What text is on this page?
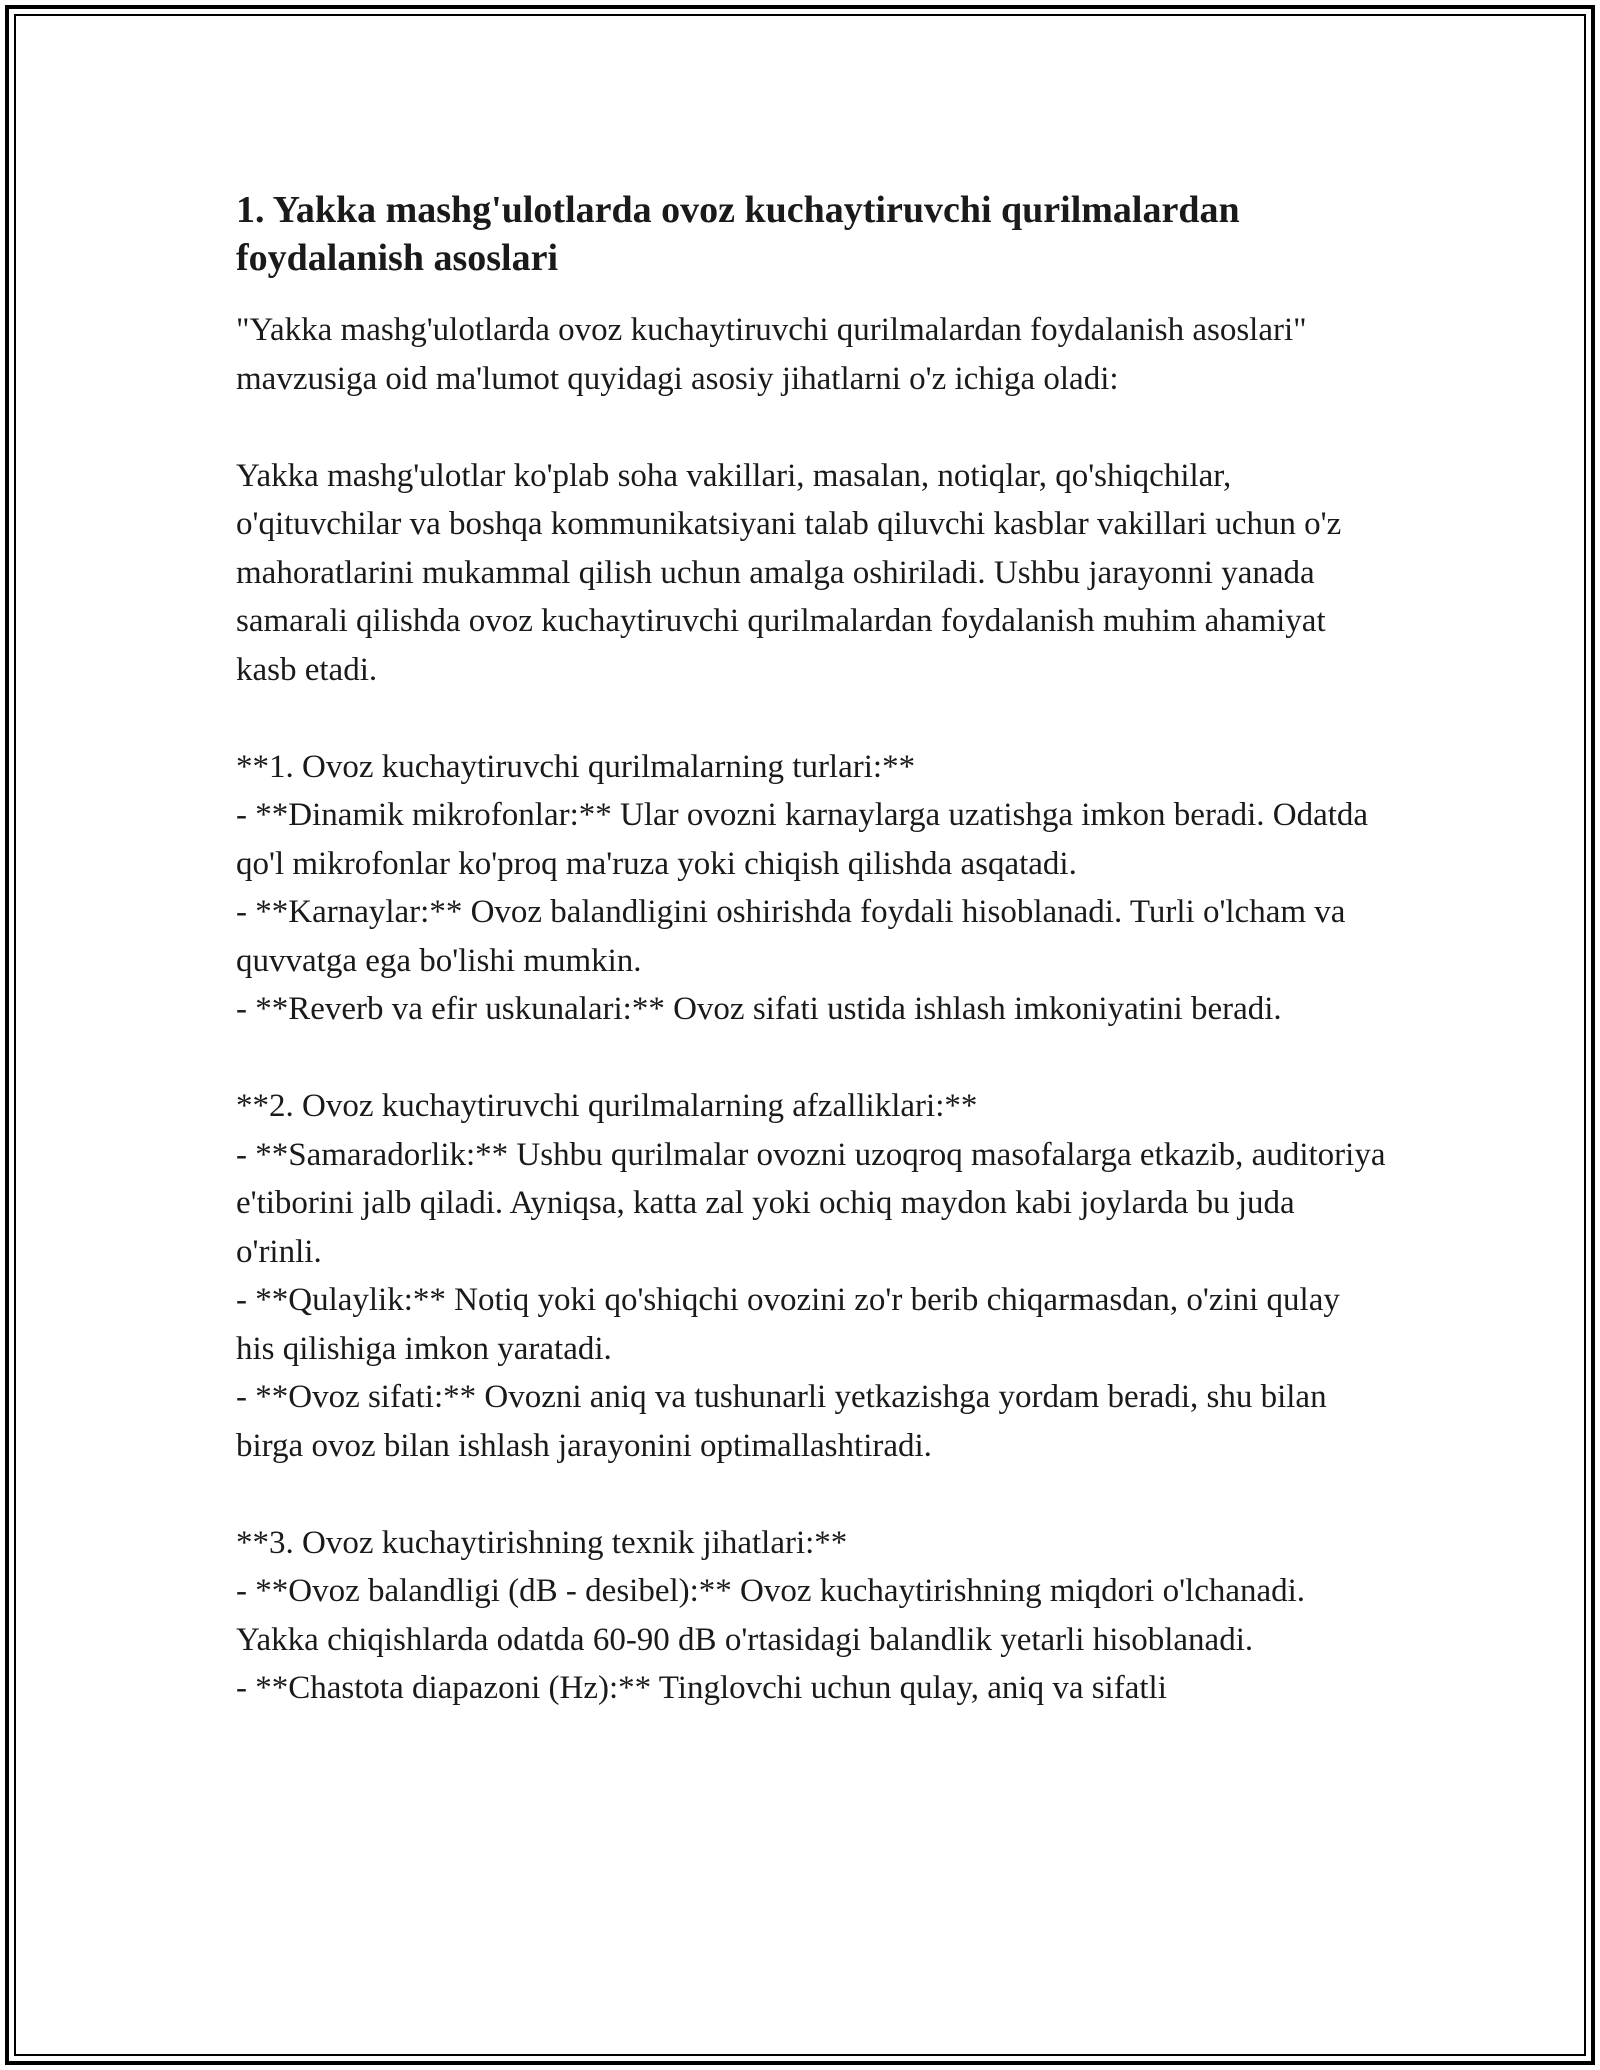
1. Yakka mashg'ulotlarda ovoz kuchaytiruvchi qurilmalardan foydalanish asoslari

"Yakka mashg'ulotlarda ovoz kuchaytiruvchi qurilmalardan foydalanish asoslari" mavzusiga oid ma'lumot quyidagi asosiy jihatlarni o'z ichiga oladi:

Yakka mashg'ulotlar ko'plab soha vakillari, masalan, notiqlar, qo'shiqchilar, o'qituvchilar va boshqa kommunikatsiyani talab qiluvchi kasblar vakillari uchun o'z mahoratlarini mukammal qilish uchun amalga oshiriladi. Ushbu jarayonni yanada samarali qilishda ovoz kuchaytiruvchi qurilmalardan foydalanish muhim ahamiyat kasb etadi.

**1. Ovoz kuchaytiruvchi qurilmalarning turlari:**
- **Dinamik mikrofonlar:** Ular ovozni karnaylarga uzatishga imkon beradi. Odatda qo'l mikrofonlar ko'proq ma'ruza yoki chiqish qilishda asqatadi.
- **Karnaylar:** Ovoz balandligini oshirishda foydali hisoblanadi. Turli o'lcham va quvvatga ega bo'lishi mumkin.
- **Reverb va efir uskunalari:** Ovoz sifati ustida ishlash imkoniyatini beradi.
**2. Ovoz kuchaytiruvchi qurilmalarning afzalliklari:**
- **Samaradorlik:** Ushbu qurilmalar ovozni uzoqroq masofalarga etkazib, auditoriya e'tiborini jalb qiladi. Ayniqsa, katta zal yoki ochiq maydon kabi joylarda bu juda o'rinli.
- **Qulaylik:** Notiq yoki qo'shiqchi ovozini zo'r berib chiqarmasdan, o'zini qulay his qilishiga imkon yaratadi.
- **Ovoz sifati:** Ovozni aniq va tushunarli yetkazishga yordam beradi, shu bilan birga ovoz bilan ishlash jarayonini optimallashtiradi.
**3. Ovoz kuchaytirishning texnik jihatlari:**
- **Ovoz balandligi (dB - desibel):** Ovoz kuchaytirishning miqdori o'lchanadi. Yakka chiqishlarda odatda 60-90 dB o'rtasidagi balandlik yetarli hisoblanadi.
- **Chastota diapazoni (Hz):** Tinglovchi uchun qulay, aniq va sifatli
